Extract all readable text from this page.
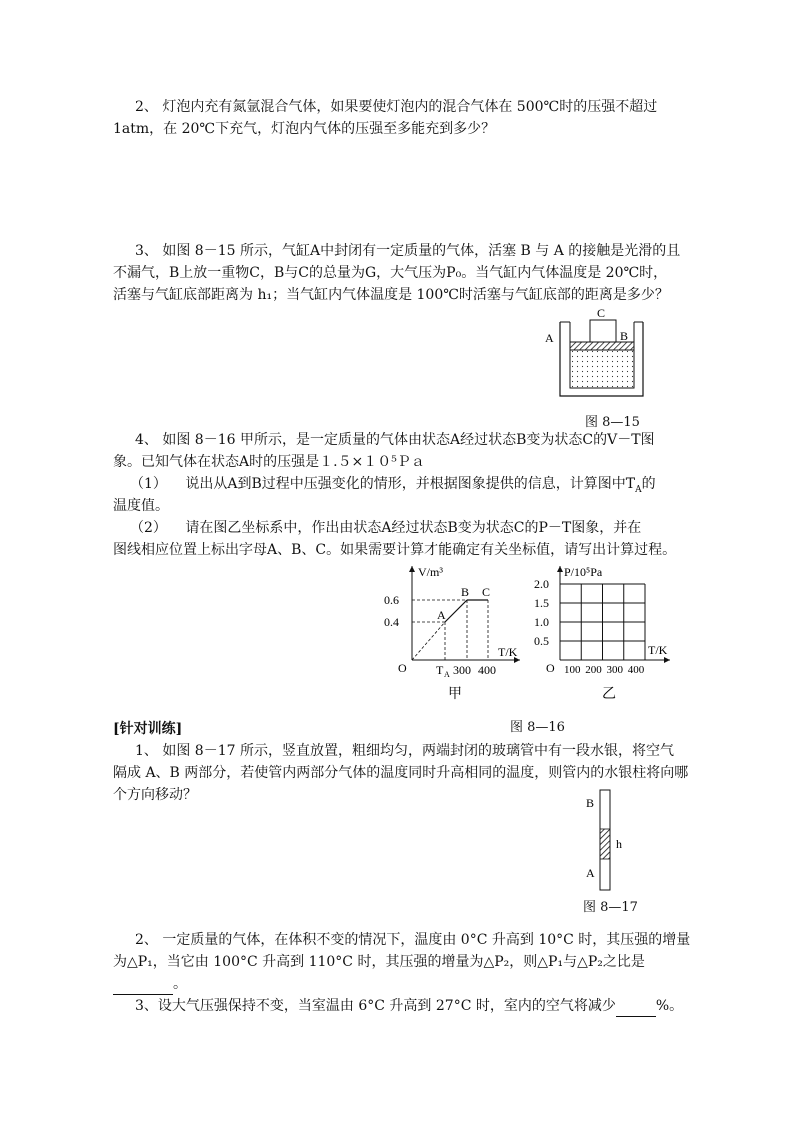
2、 灯泡内充有氮氩混合气体，如果要使灯泡内的混合气体在 500℃时的压强不超过
1atm，在 20℃下充气，灯泡内气体的压强至多能充到多少？
3、 如图 8－15 所示，气缸A中封闭有一定质量的气体，活塞 B 与 A 的接触是光滑的且
不漏气，B上放一重物C，B与C的总量为G，大气压为P₀。当气缸内气体温度是 20℃时，
活塞与气缸底部距离为 h₁；当气缸内气体温度是 100℃时活塞与气缸底部的距离是多少？
C
A	B
图 8—15
4、 如图 8－16 甲所示，是一定质量的气体由状态A经过状态B变为状态C的V－T图
象。已知气体在状态A时的压强是１.５×１０⁵Ｐａ
（1） 说出从A到B过程中压强变化的情形，并根据图象提供的信息，计算图中$T_A$的
温度值。
（2） 请在图乙坐标系中，作出由状态A经过状态B变为状态C的P－T图象，并在
图线相应位置上标出字母A、B、C。如果需要计算才能确定有关坐标值，请写出计算过程。
V/m³
T/K
O
0.4
0.6
T A 300 400
A
B C
甲
P/10⁵Pa
T/K
O
0.5
1.0
1.5
2.0
100 200 300 400
乙
图 8—16
[针对训练]
1、 如图 8－17 所示，竖直放置，粗细均匀，两端封闭的玻璃管中有一段水银，将空气
隔成 A、B 两部分，若使管内两部分气体的温度同时升高相同的温度，则管内的水银柱将向哪
个方向移动？	B
h
A
图 8—17
2、 一定质量的气体，在体积不变的情况下，温度由 0°C 升高到 10°C 时，其压强的增量
为△P₁，当它由 100°C 升高到 110°C 时，其压强的增量为△P₂，则△P₁与△P₂之比是
。
3、设大气压强保持不变，当室温由 6°C 升高到 27°C 时，室内的空气将减少	%。
